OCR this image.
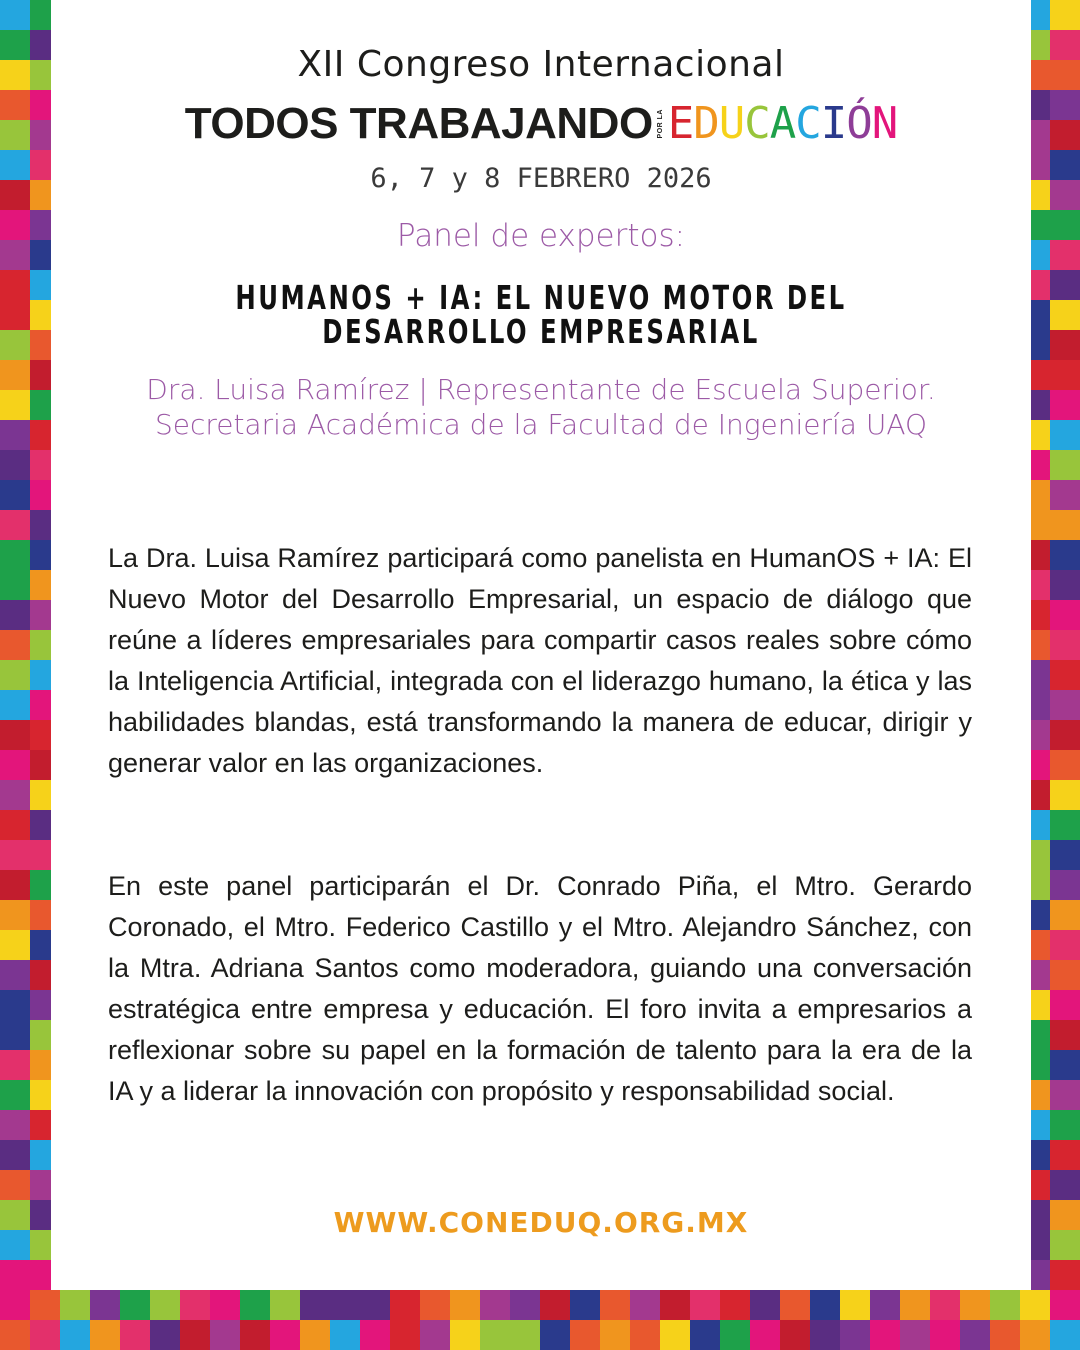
XII Congreso Internacional
TODOS TRABAJANDO POR LA E D U C A C I Ó N
6, 7 y 8 FEBRERO 2026
Panel de expertos:
HUMANOS + IA: EL NUEVO MOTOR DEL DESARROLLO EMPRESARIAL
Dra. Luisa Ramírez | Representante de Escuela Superior. Secretaria Académica de la Facultad de Ingeniería UAQ
La Dra. Luisa Ramírez participará como panelista en HumanOS + IA: El Nuevo Motor del Desarrollo Empresarial, un espacio de diálogo que reúne a líderes empresariales para compartir casos reales sobre cómo la Inteligencia Artificial, integrada con el liderazgo humano, la ética y las habilidades blandas, está transformando la manera de educar, dirigir y generar valor en las organizaciones.
En este panel participarán el Dr. Conrado Piña, el Mtro. Gerardo Coronado, el Mtro. Federico Castillo y el Mtro. Alejandro Sánchez, con la Mtra. Adriana Santos como moderadora, guiando una conversación estratégica entre empresa y educación. El foro invita a empresarios a reflexionar sobre su papel en la formación de talento para la era de la IA y a liderar la innovación con propósito y responsabilidad social.
WWW.CONEDUQ.ORG.MX
